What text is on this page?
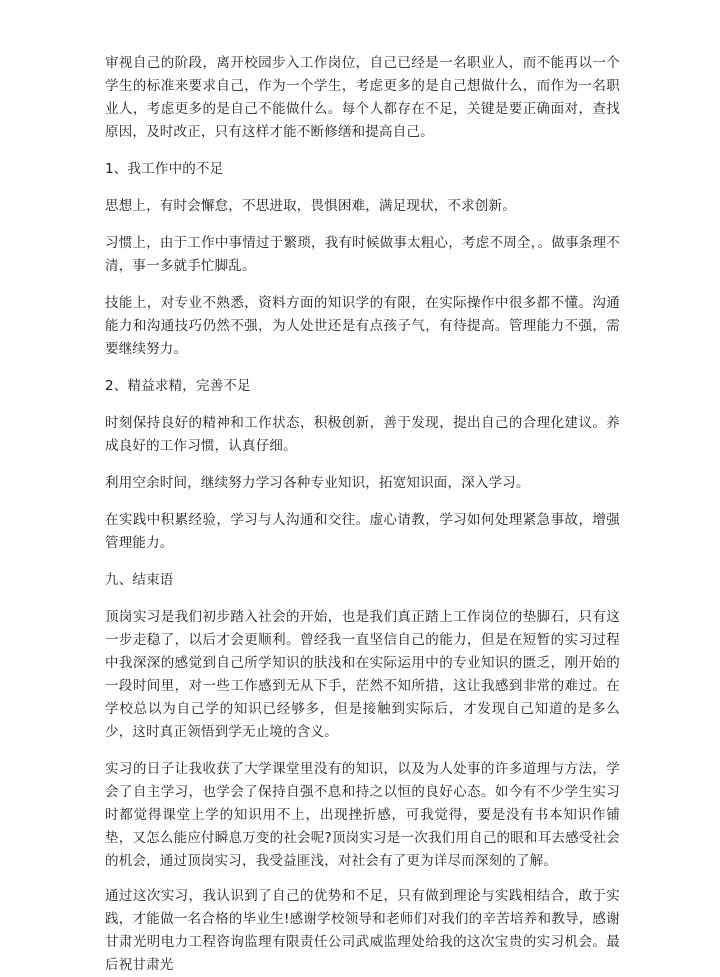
审视自己的阶段，离开校园步入工作岗位，自己已经是一名职业人，而不能再以一个学生的标准来要求自己，作为一个学生，考虑更多的是自己想做什么，而作为一名职业人，考虑更多的是自己不能做什么。每个人都存在不足，关键是要正确面对，查找原因，及时改正，只有这样才能不断修缮和提高自己。

1、我工作中的不足

思想上，有时会懈怠，不思进取，畏惧困难，满足现状，不求创新。

习惯上，由于工作中事情过于繁琐，我有时候做事太粗心，考虑不周全，。做事条理不清，事一多就手忙脚乱。

技能上，对专业不熟悉，资料方面的知识学的有限，在实际操作中很多都不懂。沟通能力和沟通技巧仍然不强，为人处世还是有点孩子气，有待提高。管理能力不强，需要继续努力。

2、精益求精，完善不足

时刻保持良好的精神和工作状态，积极创新，善于发现，提出自己的合理化建议。养成良好的工作习惯，认真仔细。

利用空余时间，继续努力学习各种专业知识，拓宽知识面，深入学习。

在实践中积累经验，学习与人沟通和交往。虚心请教，学习如何处理紧急事故，增强管理能力。

九、结束语

顶岗实习是我们初步踏入社会的开始，也是我们真正踏上工作岗位的垫脚石，只有这一步走稳了，以后才会更顺利。曾经我一直坚信自己的能力，但是在短暂的实习过程中我深深的感觉到自己所学知识的肤浅和在实际运用中的专业知识的匮乏，刚开始的一段时间里，对一些工作感到无从下手，茫然不知所措，这让我感到非常的难过。在学校总以为自己学的知识已经够多，但是接触到实际后，才发现自己知道的是多么少，这时真正领悟到学无止境的含义。

实习的日子让我收获了大学课堂里没有的知识，以及为人处事的许多道理与方法，学会了自主学习，也学会了保持自强不息和持之以恒的良好心态。如今有不少学生实习时都觉得课堂上学的知识用不上，出现挫折感，可我觉得，要是没有书本知识作铺垫，又怎么能应付瞬息万变的社会呢?顶岗实习是一次我们用自己的眼和耳去感受社会的机会，通过顶岗实习，我受益匪浅，对社会有了更为详尽而深刻的了解。

通过这次实习，我认识到了自己的优势和不足，只有做到理论与实践相结合，敢于实践，才能做一名合格的毕业生!感谢学校领导和老师们对我们的辛苦培养和教导，感谢甘肃光明电力工程咨询监理有限责任公司武威监理处给我的这次宝贵的实习机会。最后祝甘肃光
